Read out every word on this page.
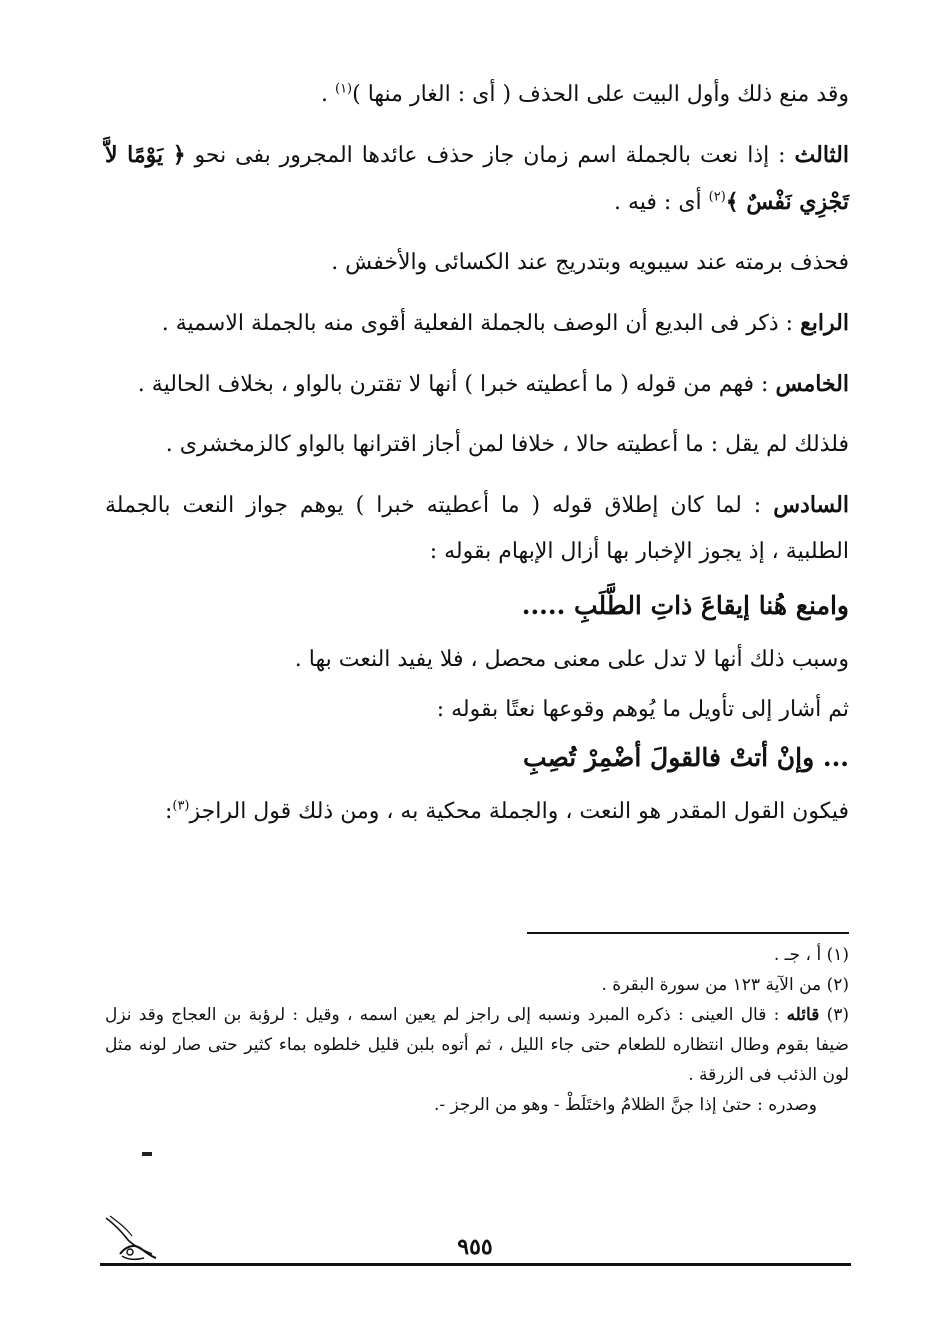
وقد منع ذلك وأول البيت على الحذف ( أى : الغار منها )$^{(١)}$ .

الثالث : إذا نعت بالجملة اسم زمان جاز حذف عائدها المجرور بفى نحو ﴿ يَوْمًا لاَّ تَجْزِي نَفْسٌ ﴾$^{(٢)}$ أى : فيه .

فحذف برمته عند سيبويه وبتدريج عند الكسائى والأخفش .

الرابع : ذكر فى البديع أن الوصف بالجملة الفعلية أقوى منه بالجملة الاسمية .

الخامس : فهم من قوله ( ما أعطيته خبرا ) أنها لا تقترن بالواو ، بخلاف الحالية .

فلذلك لم يقل : ما أعطيته حالا ، خلافا لمن أجاز اقترانها بالواو كالزمخشرى .

السادس : لما كان إطلاق قوله ( ما أعطيته خبرا ) يوهم جواز النعت بالجملة الطلبية ، إذ يجوز الإخبار بها أزال الإبهام بقوله :

وامنع هُنا إيقاعَ ذاتِ الطَّلَبِ .....

وسبب ذلك أنها لا تدل على معنى محصل ، فلا يفيد النعت بها .

ثم أشار إلى تأويل ما يُوهم وقوعها نعتًا بقوله :

... وإنْ أتتْ فالقولَ أضْمِرْ تُصِبِ

فيكون القول المقدر هو النعت ، والجملة محكية به ، ومن ذلك قول الراجز$^{(٣)}$:

(١) أ ، جـ .

(٢) من الآية ١٢٣ من سورة البقرة .

(٣) قائله : قال العينى : ذكره المبرد ونسبه إلى راجز لم يعين اسمه ، وقيل : لرؤبة بن العجاج وقد نزل ضيفا بقوم وطال انتظاره للطعام حتى جاء الليل ، ثم أتوه بلبن قليل خلطوه بماء كثير حتى صار لونه مثل لون الذئب فى الزرقة .

وصدره : حتىٰ إذا جنَّ الظلامُ واختَلَطْ - وهو من الرجز -.

٩٥٥
